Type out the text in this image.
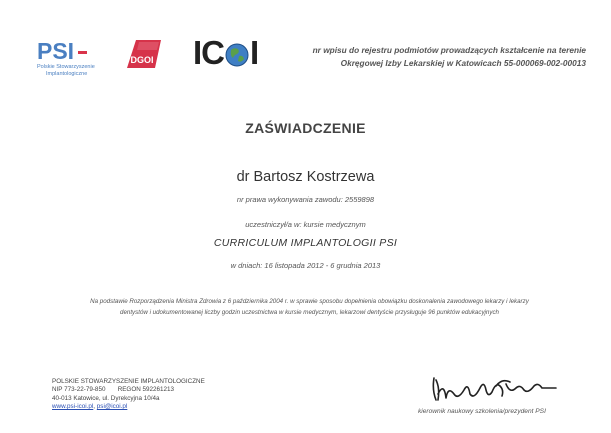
PSI
Polskie Stowarzyszenie
Implantologiczne
DGOI IC I	nr wpisu do rejestru podmiotów prowadzących kształcenie na terenie
Okręgowej Izby Lekarskiej w Katowicach 55-000069-002-00013
ZAŚWIADCZENIE
dr Bartosz Kostrzewa
nr prawa wykonywania zawodu: 2559898
uczestniczył/a w: kursie medycznym
CURRICULUM IMPLANTOLOGII PSI
w dniach: 16 listopada 2012 - 6 grudnia 2013
Na podstawie Rozporządzenia Ministra Zdrowia z 6 października 2004 r. w sprawie sposobu dopełnienia obowiązku doskonalenia zawodowego lekarzy i lekarzy
dentystów i udokumentowanej liczby godzin uczestnictwa w kursie medycznym, lekarzowi dentyście przysługuje 96 punktów edukacyjnych
POLSKIE STOWARZYSZENIE IMPLANTOLOGICZNE
NIP 773-22-79-850       REGON 592261213
40-013 Katowice, ul. Dyrekcyjna 10/4a
www.psi-icoi.pl, psi@icoi.pl
kierownik naukowy szkolenia/prezydent PSI
